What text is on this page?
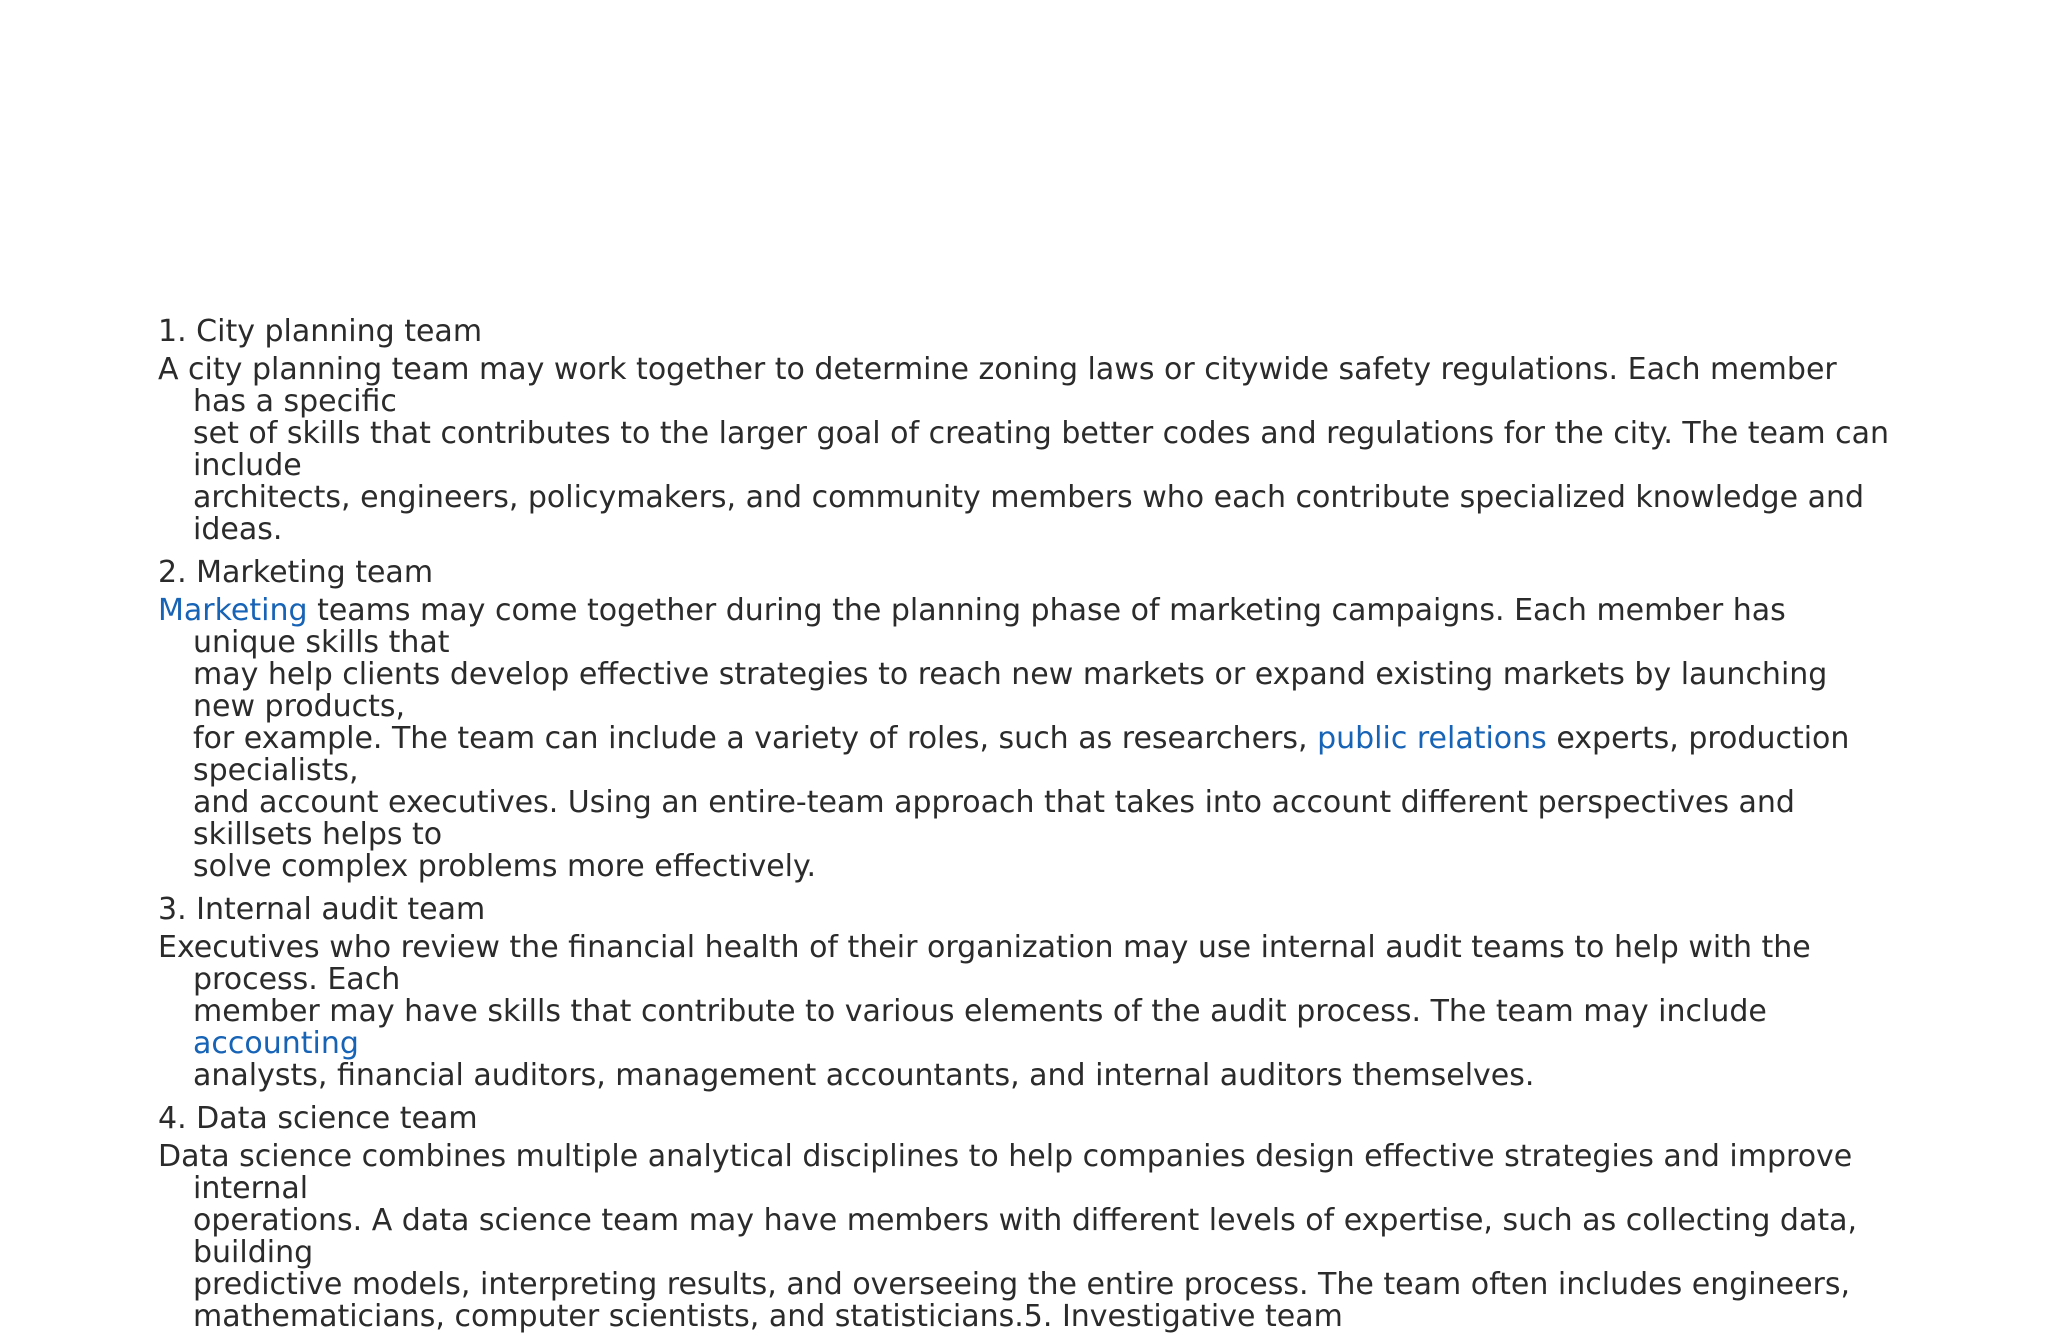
1. City planning team
A city planning team may work together to determine zoning laws or citywide safety regulations. Each member has a specific
set of skills that contributes to the larger goal of creating better codes and regulations for the city. The team can include
architects, engineers, policymakers, and community members who each contribute specialized knowledge and ideas.
2. Marketing team
Marketing teams may come together during the planning phase of marketing campaigns. Each member has unique skills that
may help clients develop effective strategies to reach new markets or expand existing markets by launching new products,
for example. The team can include a variety of roles, such as researchers, public relations experts, production specialists,
and account executives. Using an entire-team approach that takes into account different perspectives and skillsets helps to
solve complex problems more effectively.
3. Internal audit team
Executives who review the financial health of their organization may use internal audit teams to help with the process. Each
member may have skills that contribute to various elements of the audit process. The team may include accounting
analysts, financial auditors, management accountants, and internal auditors themselves.
4. Data science team
Data science combines multiple analytical disciplines to help companies design effective strategies and improve internal
operations. A data science team may have members with different levels of expertise, such as collecting data, building
predictive models, interpreting results, and overseeing the entire process. The team often includes engineers,
mathematicians, computer scientists, and statisticians.5. Investigative team
